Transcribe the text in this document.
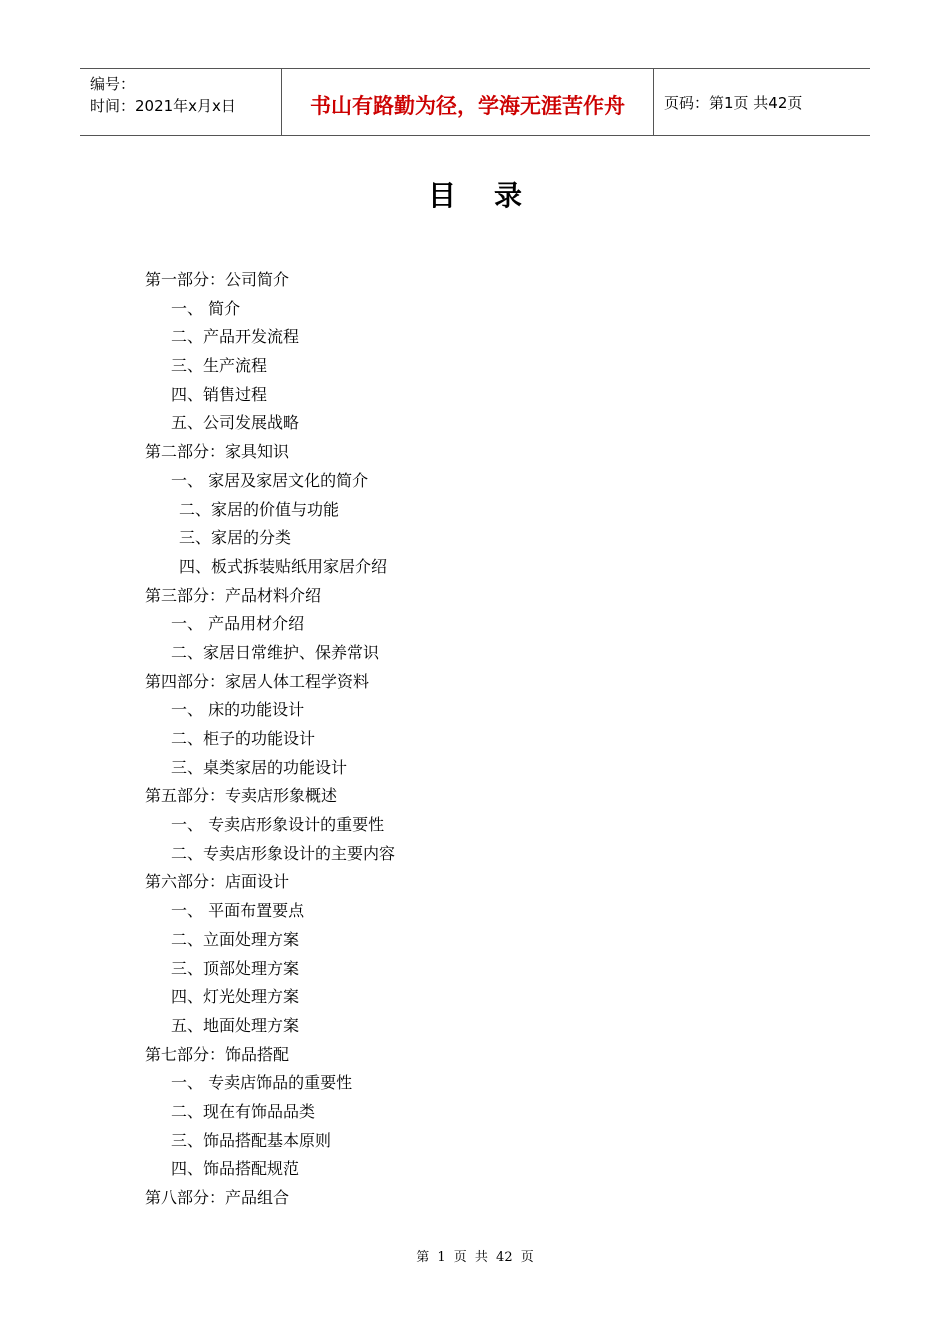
编号：
时间：2021年x月x日	书山有路勤为径，学海无涯苦作舟	页码：第1页 共42页
目录
第一部分：公司简介
一、 简介
二、产品开发流程
三、生产流程
四、销售过程
五、公司发展战略
第二部分：家具知识
一、 家居及家居文化的简介
二、家居的价值与功能
三、家居的分类
四、板式拆装贴纸用家居介绍
第三部分：产品材料介绍
一、 产品用材介绍
二、家居日常维护、保养常识
第四部分：家居人体工程学资料
一、 床的功能设计
二、柜子的功能设计
三、桌类家居的功能设计
第五部分：专卖店形象概述
一、 专卖店形象设计的重要性
二、专卖店形象设计的主要内容
第六部分：店面设计
一、 平面布置要点
二、立面处理方案
三、顶部处理方案
四、灯光处理方案
五、地面处理方案
第七部分：饰品搭配
一、 专卖店饰品的重要性
二、现在有饰品品类
三、饰品搭配基本原则
四、饰品搭配规范
第八部分：产品组合
第 1 页 共 42 页
